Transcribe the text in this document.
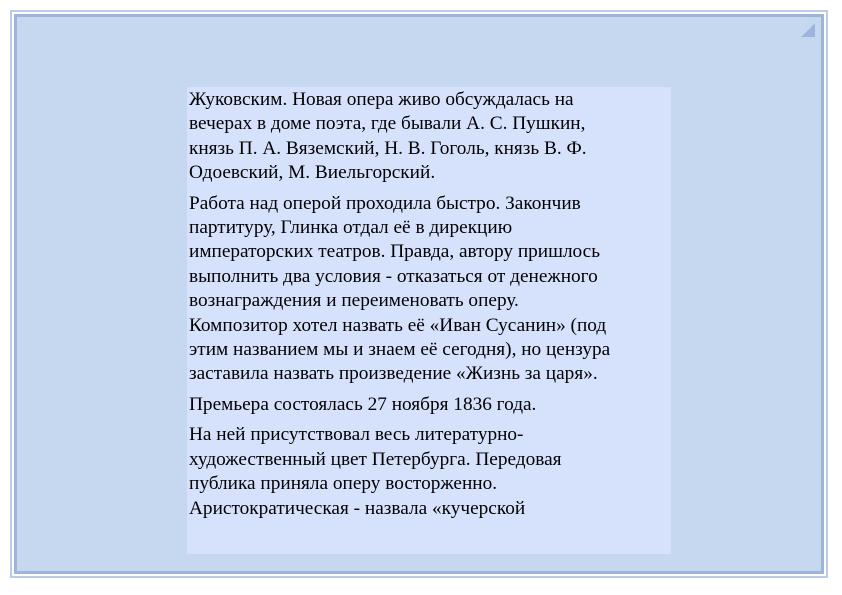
Жуковским. Новая опера живо обсуждалась на
вечерах в доме поэта, где бывали А. С. Пушкин,
князь П. А. Вяземский, Н. В. Гоголь, князь В. Ф.
Одоевский, М. Виельгорский.

Работа над оперой проходила быстро. Закончив
партитуру, Глинка отдал её в дирекцию
императорских театров. Правда, автору пришлось
выполнить два условия - отказаться от денежного
вознаграждения и переименовать оперу.
Композитор хотел назвать её «Иван Сусанин» (под
этим названием мы и знаем её сегодня), но цензура
заставила назвать произведение «Жизнь за царя».

Премьера состоялась 27 ноября 1836 года.

На ней присутствовал весь литературно-
художественный цвет Петербурга. Передовая
публика приняла оперу восторженно.
Аристократическая - назвала «кучерской
